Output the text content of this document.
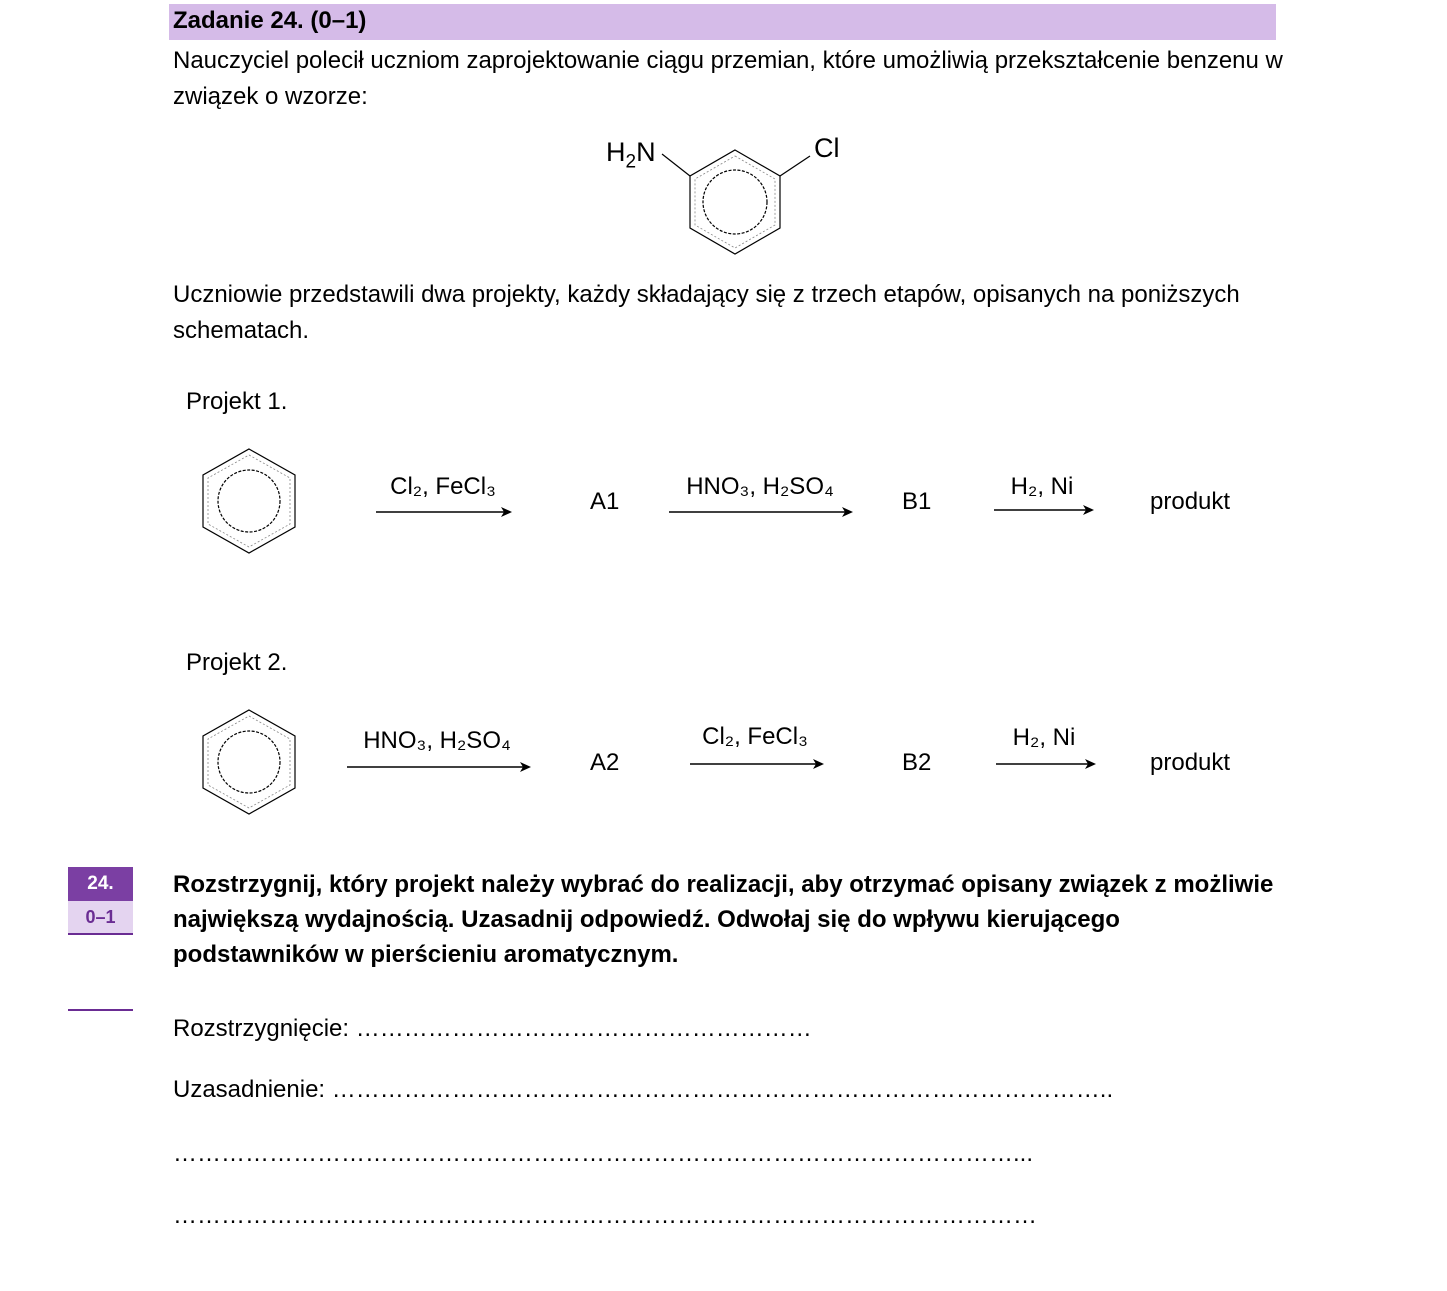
Zadanie 24. (0–1)
Nauczyciel polecił uczniom zaprojektowanie ciągu przemian, które umożliwią przekształcenie benzenu w związek o wzorze:
$H_2N$	Cl
Uczniowie przedstawili dwa projekty, każdy składający się z trzech etapów, opisanych na poniższych schematach.
Projekt 1.
Cl₂, FeCl₃
A1
HNO₃, H₂SO₄
B1
H₂, Ni
produkt
Projekt 2.
HNO₃, H₂SO₄
A2
Cl₂, FeCl₃
B2
H₂, Ni
produkt
24.
0–1
Rozstrzygnij, który projekt należy wybrać do realizacji, aby otrzymać opisany związek z możliwie największą wydajnością. Uzasadnij odpowiedź. Odwołaj się do wpływu kierującego podstawników w pierścieniu aromatycznym.
Rozstrzygnięcie: …………………………………………………
Uzasadnienie: ……………………………………………………………………………………..
……………………………………………………………………………………………...
………………………………………………………………………………………………
